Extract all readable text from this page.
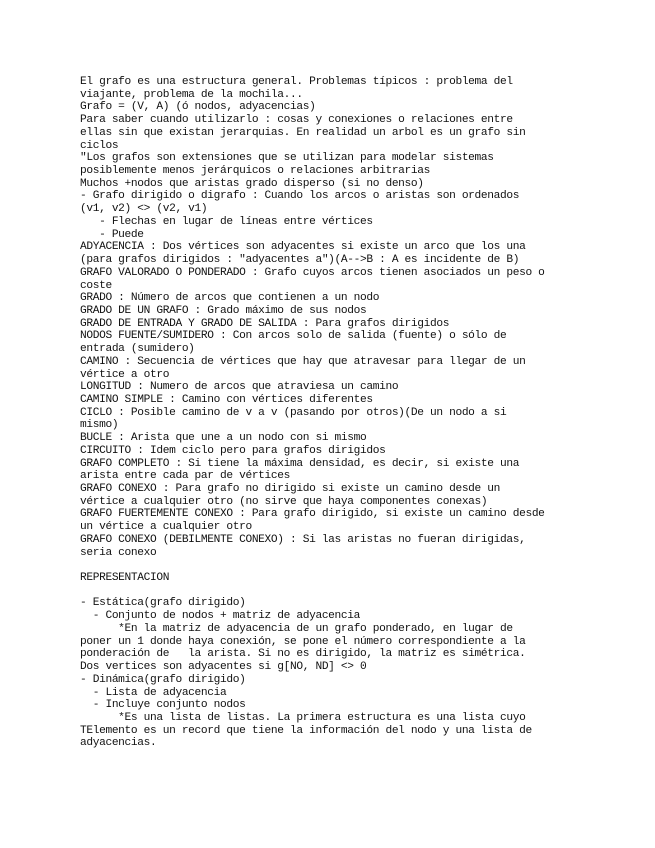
El grafo es una estructura general. Problemas típicos : problema del
viajante, problema de la mochila...
Grafo = (V, A) (ó nodos, adyacencias)
Para saber cuando utilizarlo : cosas y conexiones o relaciones entre
ellas sin que existan jerarquias. En realidad un arbol es un grafo sin
ciclos
"Los grafos son extensiones que se utilizan para modelar sistemas
posiblemente menos jerárquicos o relaciones arbitrarias
Muchos +nodos que aristas grado disperso (si no denso)
- Grafo dirigido o digrafo : Cuando los arcos o aristas son ordenados
(v1, v2) <> (v2, v1)
- Flechas en lugar de líneas entre vértices
- Puede
ADYACENCIA : Dos vértices son adyacentes si existe un arco que los una
(para grafos dirigidos : "adyacentes a")(A-->B : A es incidente de B)
GRAFO VALORADO O PONDERADO : Grafo cuyos arcos tienen asociados un peso o
coste
GRADO : Número de arcos que contienen a un nodo
GRADO DE UN GRAFO : Grado máximo de sus nodos
GRADO DE ENTRADA Y GRADO DE SALIDA : Para grafos dirigidos
NODOS FUENTE/SUMIDERO : Con arcos solo de salida (fuente) o sólo de
entrada (sumidero)
CAMINO : Secuencia de vértices que hay que atravesar para llegar de un
vértice a otro
LONGITUD : Numero de arcos que atraviesa un camino
CAMINO SIMPLE : Camino con vértices diferentes
CICLO : Posible camino de v a v (pasando por otros)(De un nodo a si
mismo)
BUCLE : Arista que une a un nodo con si mismo
CIRCUITO : Idem ciclo pero para grafos dirigidos
GRAFO COMPLETO : Si tiene la máxima densidad, es decir, si existe una
arista entre cada par de vértices
GRAFO CONEXO : Para grafo no dirigido si existe un camino desde un
vértice a cualquier otro (no sirve que haya componentes conexas)
GRAFO FUERTEMENTE CONEXO : Para grafo dirigido, si existe un camino desde
un vértice a cualquier otro
GRAFO CONEXO (DEBILMENTE CONEXO) : Si las aristas no fueran dirigidas,
seria conexo
REPRESENTACION
- Estática(grafo dirigido)
- Conjunto de nodos + matriz de adyacencia
*En la matriz de adyacencia de un grafo ponderado, en lugar de
poner un 1 donde haya conexión, se pone el número correspondiente a la
ponderación de   la arista. Si no es dirigido, la matriz es simétrica.
Dos vertices son adyacentes si g[NO, ND] <> 0
- Dinámica(grafo dirigido)
- Lista de adyacencia
- Incluye conjunto nodos
*Es una lista de listas. La primera estructura es una lista cuyo
TElemento es un record que tiene la información del nodo y una lista de
adyacencias.
